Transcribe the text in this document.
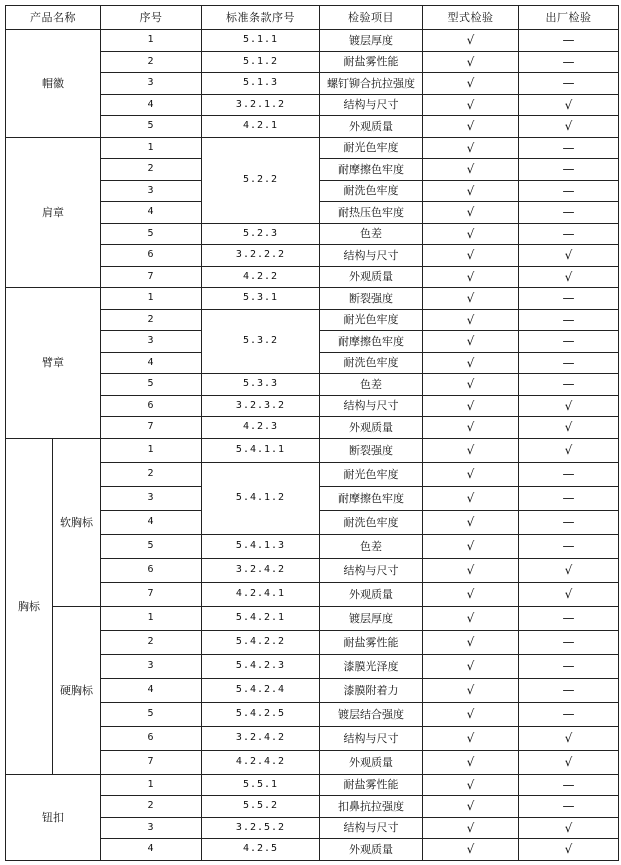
产品名称		序号	标准条款序号	检验项目	型式检验	出厂检验
帽徽		1	5.1.1	镀层厚度	√	—
		2	5.1.2	耐盐雾性能	√	—
		3	5.1.3	螺钉铆合抗拉强度	√	—
		4	3.2.1.2	结构与尺寸	√	√
		5	4.2.1	外观质量	√	√
肩章		1	5.2.2	耐光色牢度	√	—
		2		耐摩擦色牢度	√	—
		3		耐洗色牢度	√	—
		4		耐热压色牢度	√	—
		5	5.2.3	色差	√	—
		6	3.2.2.2	结构与尺寸	√	√
		7	4.2.2	外观质量	√	√
臂章		1	5.3.1	断裂强度	√	—
		2	5.3.2	耐光色牢度	√	—
		3		耐摩擦色牢度	√	—
		4		耐洗色牢度	√	—
		5	5.3.3	色差	√	—
		6	3.2.3.2	结构与尺寸	√	√
		7	4.2.3	外观质量	√	√
胸标	软胸标	1	5.4.1.1	断裂强度	√	√
		2	5.4.1.2	耐光色牢度	√	—
		3		耐摩擦色牢度	√	—
		4		耐洗色牢度	√	—
		5	5.4.1.3	色差	√	—
		6	3.2.4.2	结构与尺寸	√	√
		7	4.2.4.1	外观质量	√	√
	硬胸标	1	5.4.2.1	镀层厚度	√	—
		2	5.4.2.2	耐盐雾性能	√	—
		3	5.4.2.3	漆膜光泽度	√	—
		4	5.4.2.4	漆膜附着力	√	—
		5	5.4.2.5	镀层结合强度	√	—
		6	3.2.4.2	结构与尺寸	√	√
		7	4.2.4.2	外观质量	√	√
钮扣		1	5.5.1	耐盐雾性能	√	—
		2	5.5.2	扣鼻抗拉强度	√	—
		3	3.2.5.2	结构与尺寸	√	√
		4	4.2.5	外观质量	√	√
